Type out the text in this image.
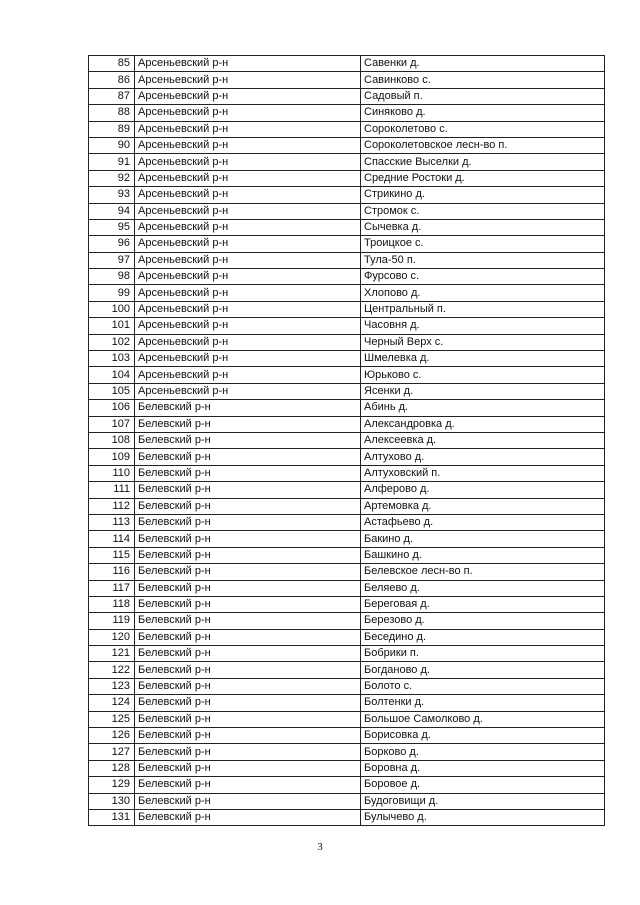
85	Арсеньевский р-н	Савенки д.
86	Арсеньевский р-н	Савинково с.
87	Арсеньевский р-н	Садовый п.
88	Арсеньевский р-н	Синяково д.
89	Арсеньевский р-н	Сороколетово с.
90	Арсеньевский р-н	Сороколетовское лесн-во п.
91	Арсеньевский р-н	Спасские Выселки д.
92	Арсеньевский р-н	Средние Ростоки д.
93	Арсеньевский р-н	Стрикино д.
94	Арсеньевский р-н	Стромок с.
95	Арсеньевский р-н	Сычевка д.
96	Арсеньевский р-н	Троицкое с.
97	Арсеньевский р-н	Тула-50 п.
98	Арсеньевский р-н	Фурсово с.
99	Арсеньевский р-н	Хлопово д.
100	Арсеньевский р-н	Центральный п.
101	Арсеньевский р-н	Часовня д.
102	Арсеньевский р-н	Черный Верх с.
103	Арсеньевский р-н	Шмелевка д.
104	Арсеньевский р-н	Юрьково с.
105	Арсеньевский р-н	Ясенки д.
106	Белевский р-н	Абинь д.
107	Белевский р-н	Александровка д.
108	Белевский р-н	Алексеевка д.
109	Белевский р-н	Алтухово д.
110	Белевский р-н	Алтуховский п.
111	Белевский р-н	Алферово д.
112	Белевский р-н	Артемовка д.
113	Белевский р-н	Астафьево д.
114	Белевский р-н	Бакино д.
115	Белевский р-н	Башкино д.
116	Белевский р-н	Белевское лесн-во п.
117	Белевский р-н	Беляево д.
118	Белевский р-н	Береговая д.
119	Белевский р-н	Березово д.
120	Белевский р-н	Беседино д.
121	Белевский р-н	Бобрики п.
122	Белевский р-н	Богданово д.
123	Белевский р-н	Болото с.
124	Белевский р-н	Болтенки д.
125	Белевский р-н	Большое Самолково д.
126	Белевский р-н	Борисовка д.
127	Белевский р-н	Борково д.
128	Белевский р-н	Боровна д.
129	Белевский р-н	Боровое д.
130	Белевский р-н	Будоговищи д.
131	Белевский р-н	Булычево д.
3
